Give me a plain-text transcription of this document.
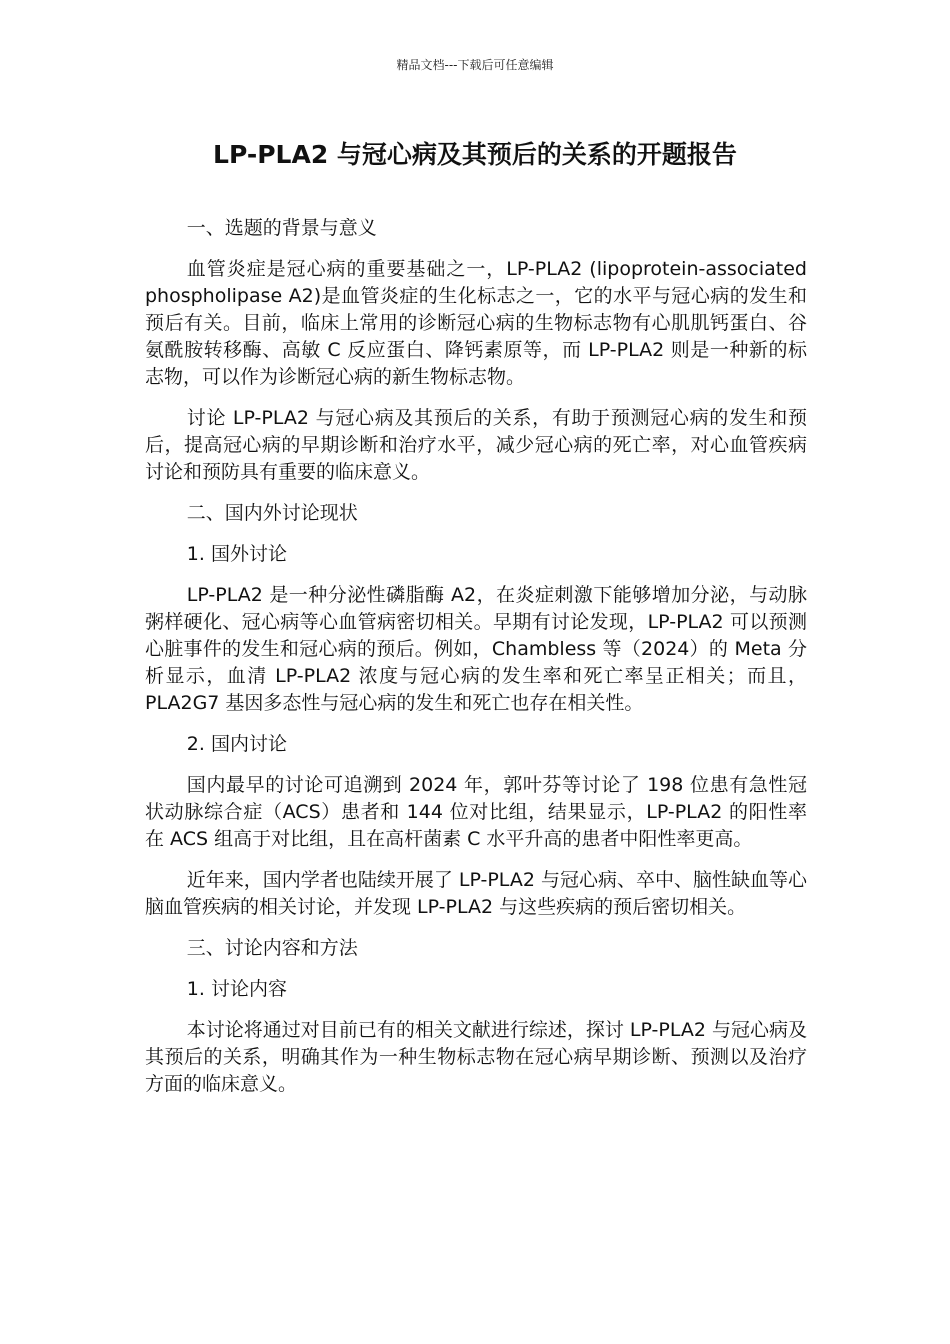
精品文档---下载后可任意编辑
LP-PLA2 与冠心病及其预后的关系的开题报告

一、选题的背景与意义

血管炎症是冠心病的重要基础之一，LP-PLA2 (lipoprotein-associated phospholipase A2)是血管炎症的生化标志之一，它的水平与冠心病的发生和预后有关。目前，临床上常用的诊断冠心病的生物标志物有心肌肌钙蛋白、谷氨酰胺转移酶、高敏 C 反应蛋白、降钙素原等，而 LP-PLA2 则是一种新的标志物，可以作为诊断冠心病的新生物标志物。

讨论 LP-PLA2 与冠心病及其预后的关系，有助于预测冠心病的发生和预后，提高冠心病的早期诊断和治疗水平，减少冠心病的死亡率，对心血管疾病讨论和预防具有重要的临床意义。

二、国内外讨论现状

1. 国外讨论

LP-PLA2 是一种分泌性磷脂酶 A2，在炎症刺激下能够增加分泌，与动脉粥样硬化、冠心病等心血管病密切相关。早期有讨论发现，LP-PLA2 可以预测心脏事件的发生和冠心病的预后。例如，Chambless 等（2024）的 Meta 分析显示，血清 LP-PLA2 浓度与冠心病的发生率和死亡率呈正相关；而且，PLA2G7 基因多态性与冠心病的发生和死亡也存在相关性。

2. 国内讨论

国内最早的讨论可追溯到 2024 年，郭叶芬等讨论了 198 位患有急性冠状动脉综合症（ACS）患者和 144 位对比组，结果显示，LP-PLA2 的阳性率在 ACS 组高于对比组，且在高杆菌素 C 水平升高的患者中阳性率更高。

近年来，国内学者也陆续开展了 LP-PLA2 与冠心病、卒中、脑性缺血等心脑血管疾病的相关讨论，并发现 LP-PLA2 与这些疾病的预后密切相关。

三、讨论内容和方法

1. 讨论内容

本讨论将通过对目前已有的相关文献进行综述，探讨 LP-PLA2 与冠心病及其预后的关系，明确其作为一种生物标志物在冠心病早期诊断、预测以及治疗方面的临床意义。
